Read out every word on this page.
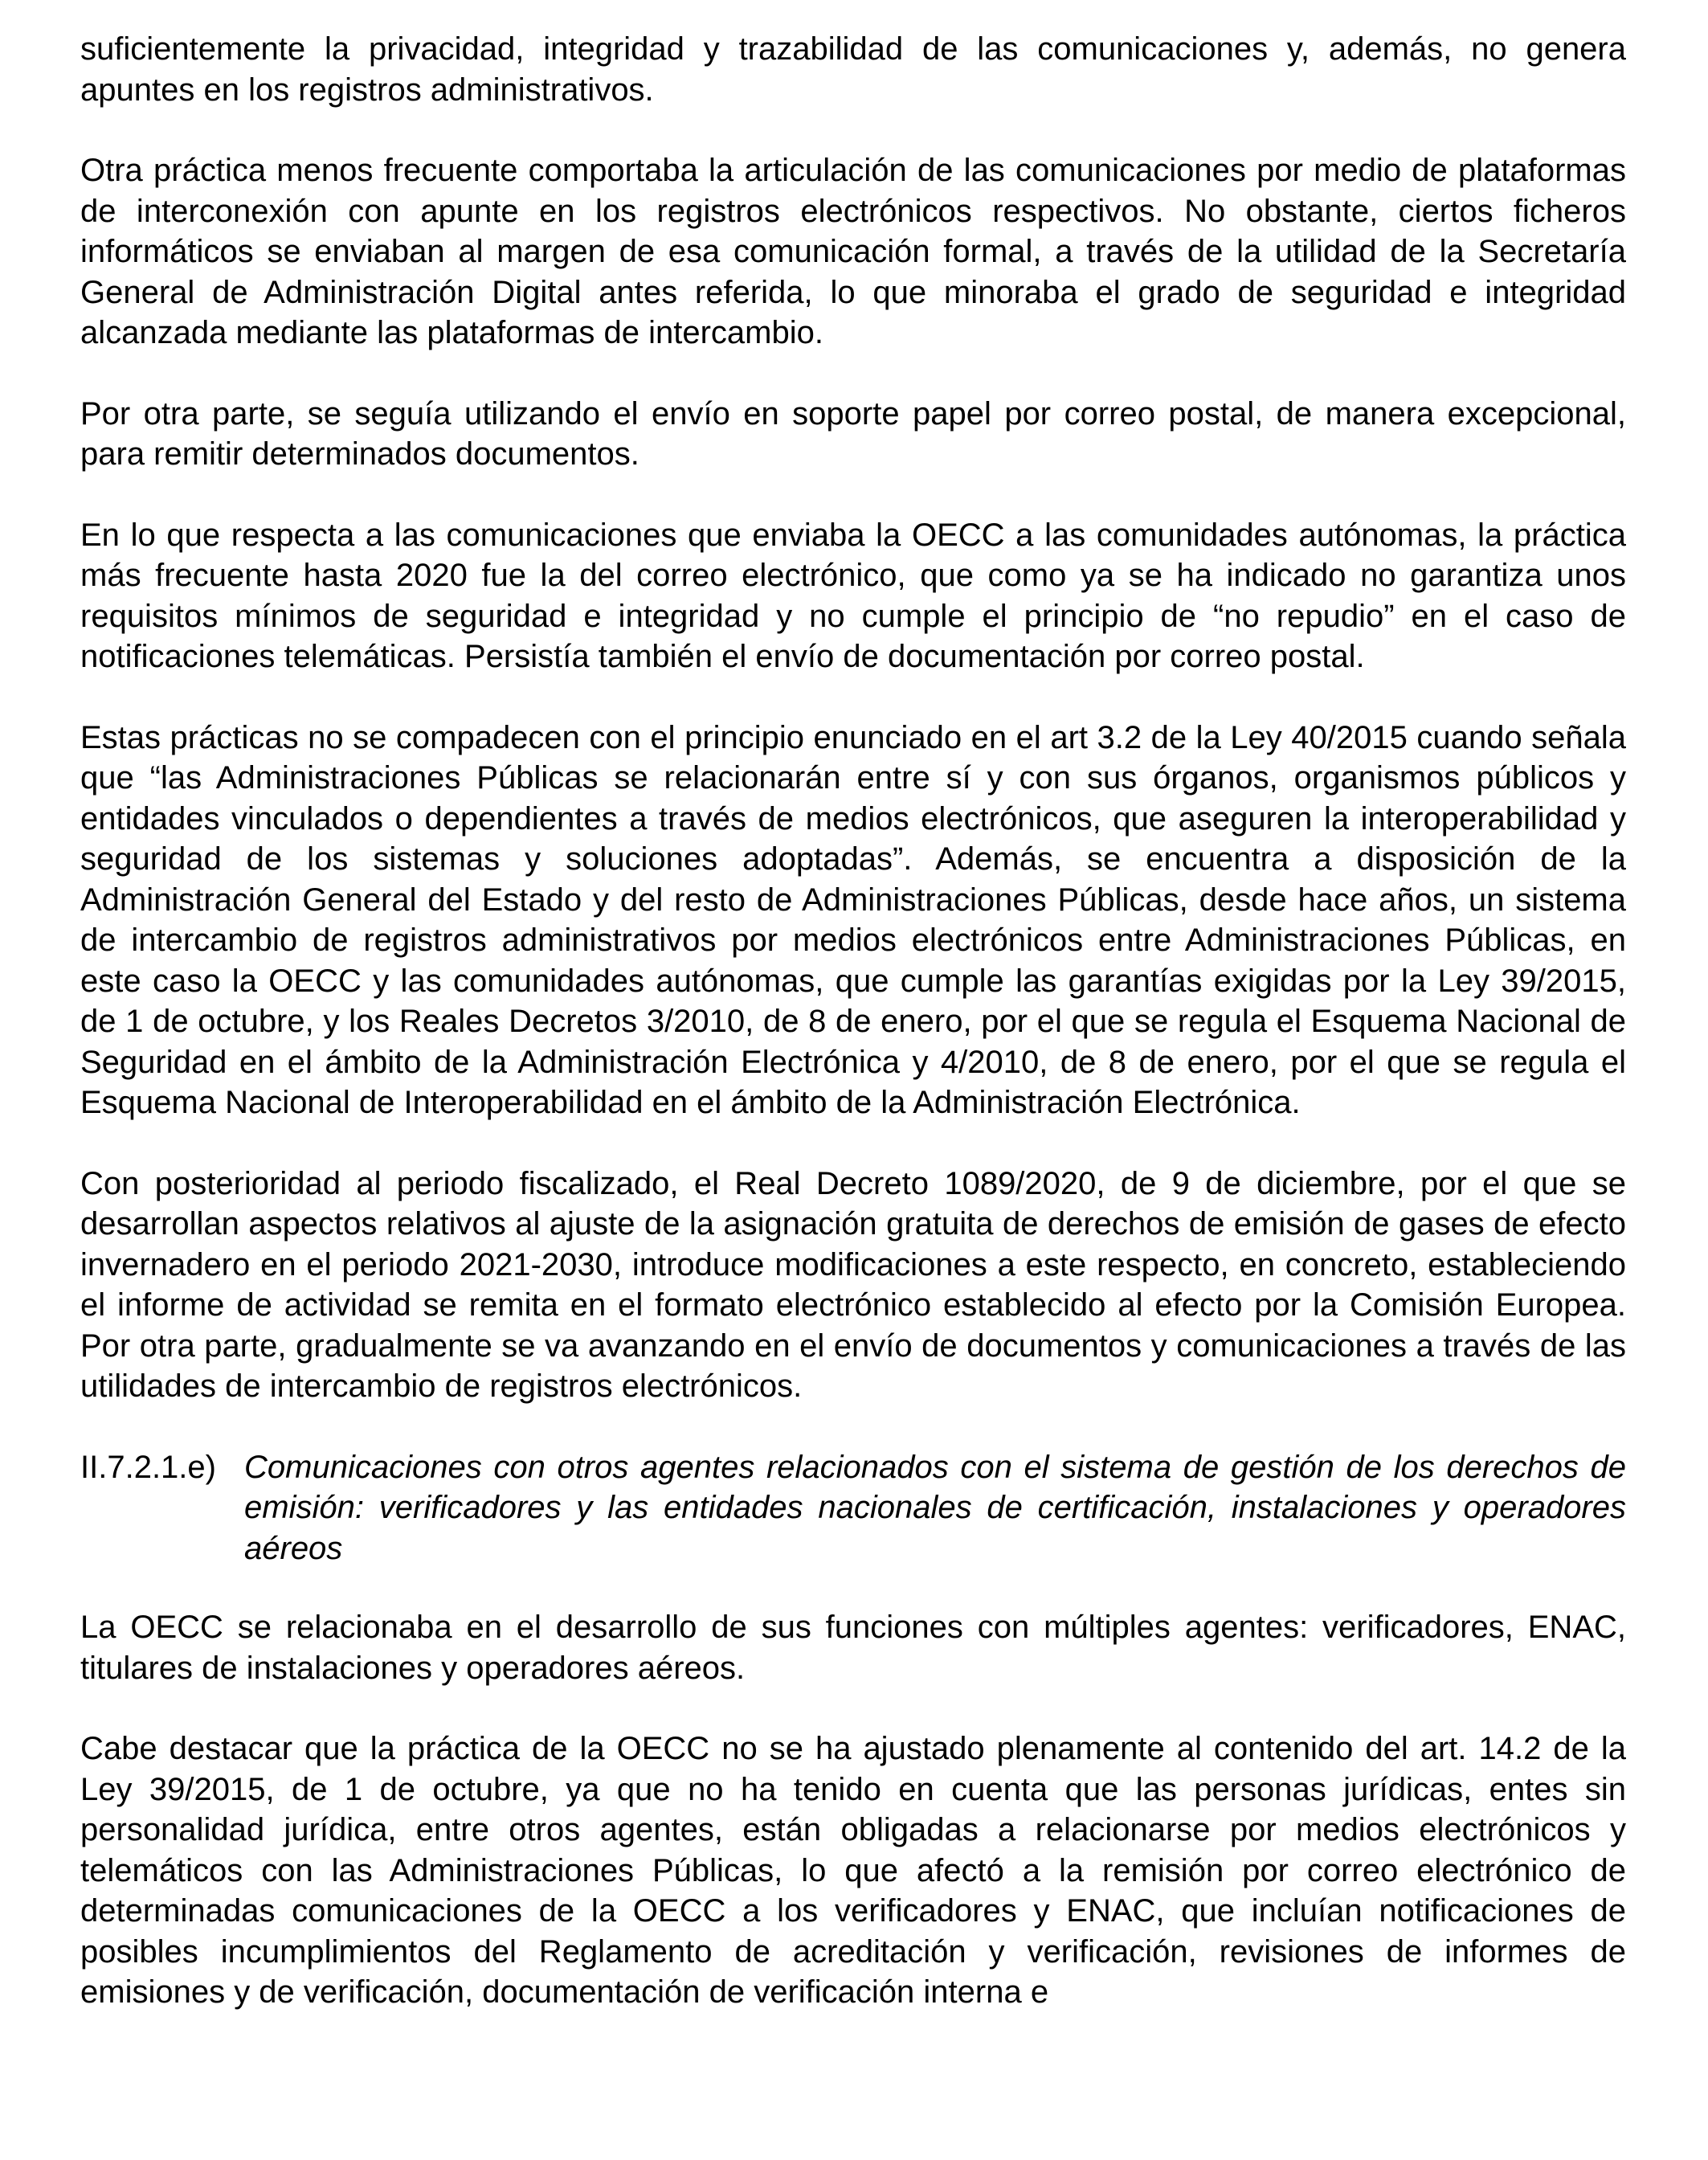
suficientemente la privacidad, integridad y trazabilidad de las comunicaciones y, además, no genera apuntes en los registros administrativos.

Otra práctica menos frecuente comportaba la articulación de las comunicaciones por medio de plataformas de interconexión con apunte en los registros electrónicos respectivos. No obstante, ciertos ficheros informáticos se enviaban al margen de esa comunicación formal, a través de la utilidad de la Secretaría General de Administración Digital antes referida, lo que minoraba el grado de seguridad e integridad alcanzada mediante las plataformas de intercambio.

Por otra parte, se seguía utilizando el envío en soporte papel por correo postal, de manera excepcional, para remitir determinados documentos.

En lo que respecta a las comunicaciones que enviaba la OECC a las comunidades autónomas, la práctica más frecuente hasta 2020 fue la del correo electrónico, que como ya se ha indicado no garantiza unos requisitos mínimos de seguridad e integridad y no cumple el principio de “no repudio” en el caso de notificaciones telemáticas. Persistía también el envío de documentación por correo postal.

Estas prácticas no se compadecen con el principio enunciado en el art 3.2 de la Ley 40/2015 cuando señala que “las Administraciones Públicas se relacionarán entre sí y con sus órganos, organismos públicos y entidades vinculados o dependientes a través de medios electrónicos, que aseguren la interoperabilidad y seguridad de los sistemas y soluciones adoptadas”. Además, se encuentra a disposición de la Administración General del Estado y del resto de Administraciones Públicas, desde hace años, un sistema de intercambio de registros administrativos por medios electrónicos entre Administraciones Públicas, en este caso la OECC y las comunidades autónomas, que cumple las garantías exigidas por la Ley 39/2015, de 1 de octubre, y los Reales Decretos 3/2010, de 8 de enero, por el que se regula el Esquema Nacional de Seguridad en el ámbito de la Administración Electrónica y 4/2010, de 8 de enero, por el que se regula el Esquema Nacional de Interoperabilidad en el ámbito de la Administración Electrónica.

Con posterioridad al periodo fiscalizado, el Real Decreto 1089/2020, de 9 de diciembre, por el que se desarrollan aspectos relativos al ajuste de la asignación gratuita de derechos de emisión de gases de efecto invernadero en el periodo 2021-2030, introduce modificaciones a este respecto, en concreto, estableciendo el informe de actividad se remita en el formato electrónico establecido al efecto por la Comisión Europea. Por otra parte, gradualmente se va avanzando en el envío de documentos y comunicaciones a través de las utilidades de intercambio de registros electrónicos.

II.7.2.1.e) Comunicaciones con otros agentes relacionados con el sistema de gestión de los derechos de emisión: verificadores y las entidades nacionales de certificación, instalaciones y operadores aéreos

La OECC se relacionaba en el desarrollo de sus funciones con múltiples agentes: verificadores, ENAC, titulares de instalaciones y operadores aéreos.

Cabe destacar que la práctica de la OECC no se ha ajustado plenamente al contenido del art. 14.2 de la Ley 39/2015, de 1 de octubre, ya que no ha tenido en cuenta que las personas jurídicas, entes sin personalidad jurídica, entre otros agentes, están obligadas a relacionarse por medios electrónicos y telemáticos con las Administraciones Públicas, lo que afectó a la remisión por correo electrónico de determinadas comunicaciones de la OECC a los verificadores y ENAC, que incluían notificaciones de posibles incumplimientos del Reglamento de acreditación y verificación, revisiones de informes de emisiones y de verificación, documentación de verificación interna e
